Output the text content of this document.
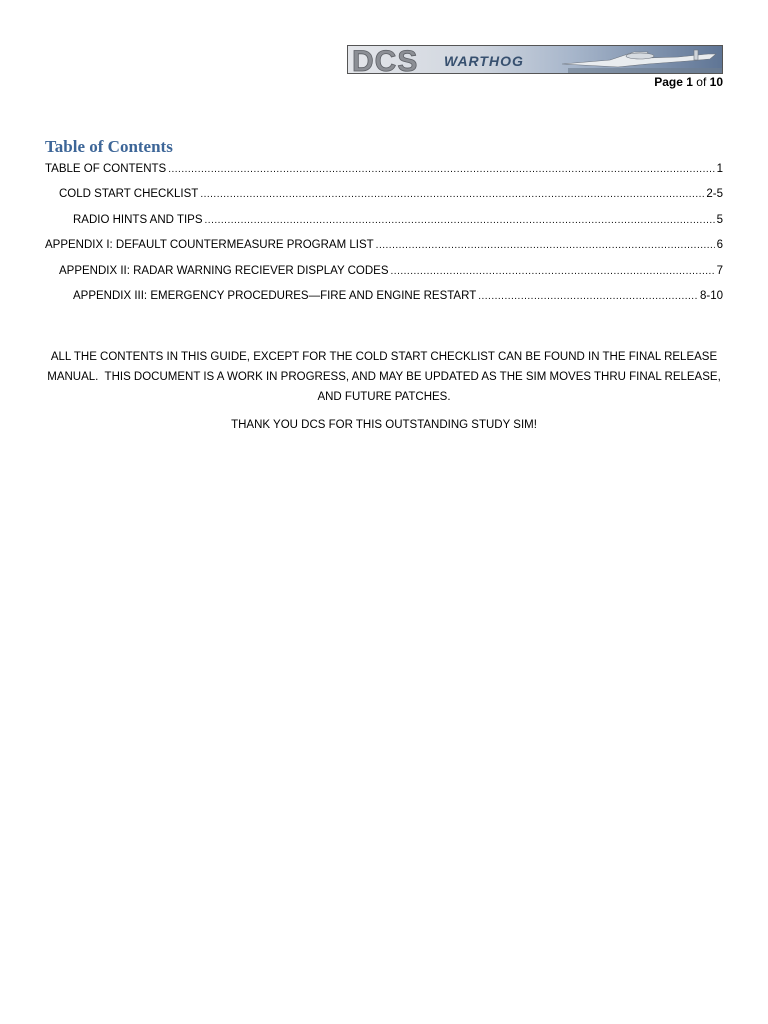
DCS WARTHOG
Page 1 of 10
Table of Contents
TABLE OF CONTENTS .....	1
COLD START CHECKLIST .....	2-5
RADIO HINTS AND TIPS .....	5
APPENDIX I: DEFAULT COUNTERMEASURE PROGRAM LIST .....	6
APPENDIX II: RADAR WARNING RECIEVER DISPLAY CODES .....	7
APPENDIX III: EMERGENCY PROCEDURES—FIRE AND ENGINE RESTART .....	8-10
ALL THE CONTENTS IN THIS GUIDE, EXCEPT FOR THE COLD START CHECKLIST CAN BE FOUND IN THE FINAL RELEASE
MANUAL.  THIS DOCUMENT IS A WORK IN PROGRESS, AND MAY BE UPDATED AS THE SIM MOVES THRU FINAL RELEASE,
AND FUTURE PATCHES.
THANK YOU DCS FOR THIS OUTSTANDING STUDY SIM!
